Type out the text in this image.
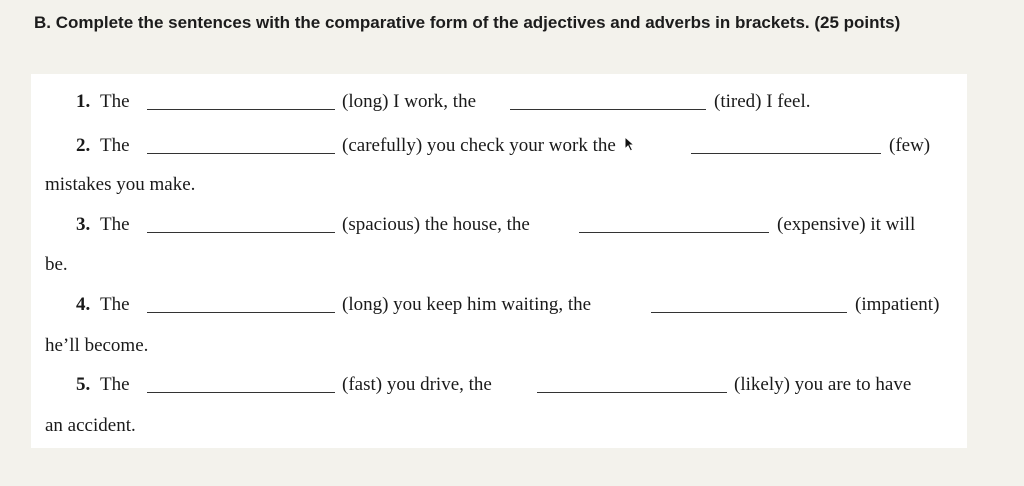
B. Complete the sentences with the comparative form of the adjectives and adverbs in brackets. (25 points)
1. The	(long) I work, the	(tired) I feel.
2. The	(carefully) you check your work the	(few)
mistakes you make.
3. The	(spacious) the house, the	(expensive) it will
be.
4. The	(long) you keep him waiting, the	(impatient)
he’ll become.
5. The	(fast) you drive, the	(likely) you are to have
an accident.
